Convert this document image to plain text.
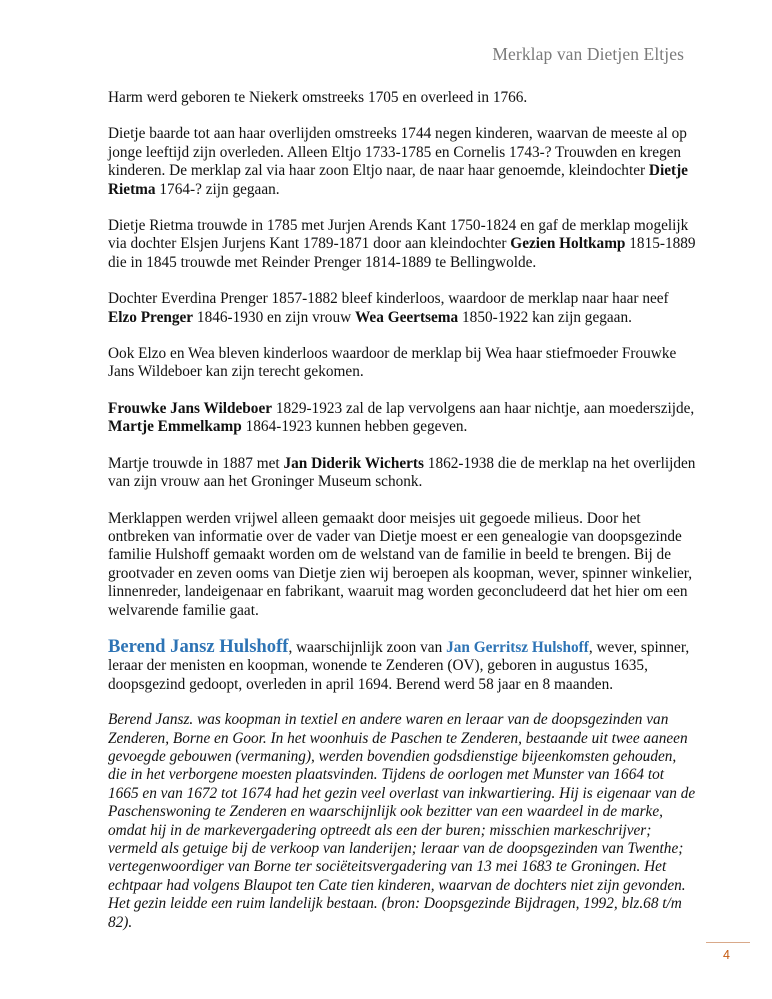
Merklap van Dietjen Eltjes

Harm werd geboren te Niekerk omstreeks 1705 en overleed in 1766.

Dietje baarde tot aan haar overlijden omstreeks 1744 negen kinderen, waarvan de meeste al op jonge leeftijd zijn overleden. Alleen Eltjo 1733-1785 en Cornelis 1743-? Trouwden en kregen kinderen. De merklap zal via haar zoon Eltjo naar, de naar haar genoemde, kleindochter Dietje Rietma 1764-? zijn gegaan.

Dietje Rietma trouwde in 1785 met Jurjen Arends Kant 1750-1824 en gaf de merklap mogelijk via dochter Elsjen Jurjens Kant 1789-1871 door aan kleindochter Gezien Holtkamp 1815-1889 die in 1845 trouwde met Reinder Prenger 1814-1889 te Bellingwolde.

Dochter Everdina Prenger 1857-1882 bleef kinderloos, waardoor de merklap naar haar neef Elzo Prenger 1846-1930 en zijn vrouw Wea Geertsema 1850-1922 kan zijn gegaan.

Ook Elzo en Wea bleven kinderloos waardoor de merklap bij Wea haar stiefmoeder Frouwke Jans Wildeboer kan zijn terecht gekomen.

Frouwke Jans Wildeboer 1829-1923 zal de lap vervolgens aan haar nichtje, aan moederszijde, Martje Emmelkamp 1864-1923 kunnen hebben gegeven.

Martje trouwde in 1887 met Jan Diderik Wicherts 1862-1938 die de merklap na het overlijden van zijn vrouw aan het Groninger Museum schonk.

Merklappen werden vrijwel alleen gemaakt door meisjes uit gegoede milieus. Door het ontbreken van informatie over de vader van Dietje moest er een genealogie van doopsgezinde familie Hulshoff gemaakt worden om de welstand van de familie in beeld te brengen. Bij de grootvader en zeven ooms van Dietje zien wij beroepen als koopman, wever, spinner winkelier, linnenreder, landeigenaar en fabrikant, waaruit mag worden geconcludeerd dat het hier om een welvarende familie gaat.

Berend Jansz Hulshoff, waarschijnlijk zoon van Jan Gerritsz Hulshoff, wever, spinner, leraar der menisten en koopman, wonende te Zenderen (OV), geboren in augustus 1635, doopsgezind gedoopt, overleden in april 1694. Berend werd 58 jaar en 8 maanden.

Berend Jansz. was koopman in textiel en andere waren en leraar van de doopsgezinden van Zenderen, Borne en Goor. In het woonhuis de Paschen te Zenderen, bestaande uit twee aaneen gevoegde gebouwen (vermaning), werden bovendien godsdienstige bijeenkomsten gehouden, die in het verborgene moesten plaatsvinden. Tijdens de oorlogen met Munster van 1664 tot 1665 en van 1672 tot 1674 had het gezin veel overlast van inkwartiering. Hij is eigenaar van de Paschenswoning te Zenderen en waarschijnlijk ook bezitter van een waardeel in de marke, omdat hij in de markevergadering optreedt als een der buren; misschien markeschrijver; vermeld als getuige bij de verkoop van landerijen; leraar van de doopsgezinden van Twenthe; vertegenwoordiger van Borne ter sociëteitsvergadering van 13 mei 1683 te Groningen. Het echtpaar had volgens Blaupot ten Cate tien kinderen, waarvan de dochters niet zijn gevonden. Het gezin leidde een ruim landelijk bestaan. (bron: Doopsgezinde Bijdragen, 1992, blz.68 t/m 82).

4
